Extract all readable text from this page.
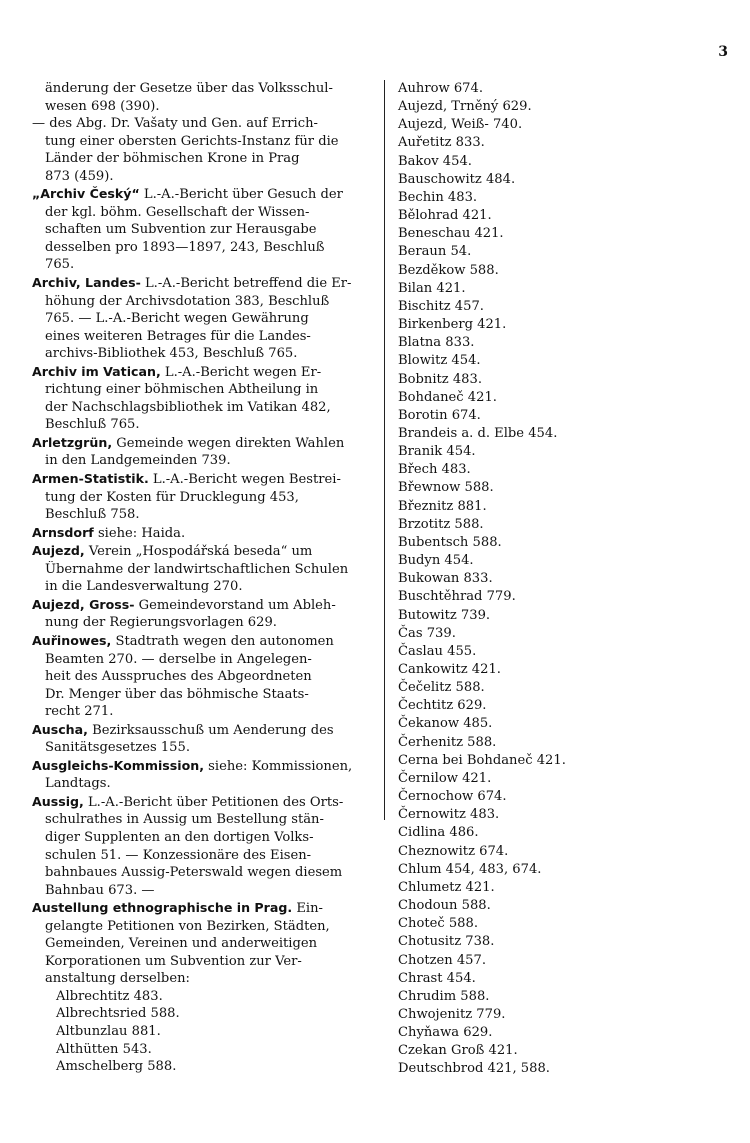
3
änderung der Gesetze über das Volksschul-
wesen 698 (390).
— des Abg. Dr. Vašaty und Gen. auf Errich-
tung einer obersten Gerichts-Instanz für die
Länder der böhmischen Krone in Prag
873 (459).
„Archiv Český“ L.-A.-Bericht über Gesuch der
der kgl. böhm. Gesellschaft der Wissen-
schaften um Subvention zur Herausgabe
desselben pro 1893—1897, 243, Beschluß
765.
Archiv, Landes- L.-A.-Bericht betreffend die Er-
höhung der Archivsdotation 383, Beschluß
765. — L.-A.-Bericht wegen Gewährung
eines weiteren Betrages für die Landes-
archivs-Bibliothek 453, Beschluß 765.
Archiv im Vatican, L.-A.-Bericht wegen Er-
richtung einer böhmischen Abtheilung in
der Nachschlagsbibliothek im Vatikan 482,
Beschluß 765.
Arletzgrün, Gemeinde wegen direkten Wahlen
in den Landgemeinden 739.
Armen-Statistik. L.-A.-Bericht wegen Bestrei-
tung der Kosten für Drucklegung 453,
Beschluß 758.
Arnsdorf siehe: Haida.
Aujezd, Verein „Hospodářská beseda“ um
Übernahme der landwirtschaftlichen Schulen
in die Landesverwaltung 270.
Aujezd, Gross- Gemeindevorstand um Ableh-
nung der Regierungsvorlagen 629.
Auřinowes, Stadtrath wegen den autonomen
Beamten 270. — derselbe in Angelegen-
heit des Ausspruches des Abgeordneten
Dr. Menger über das böhmische Staats-
recht 271.
Auscha, Bezirksausschuß um Aenderung des
Sanitätsgesetzes 155.
Ausgleichs-Kommission, siehe: Kommissionen,
Landtags.
Aussig, L.-A.-Bericht über Petitionen des Orts-
schulrathes in Aussig um Bestellung stän-
diger Supplenten an den dortigen Volks-
schulen 51. — Konzessionäre des Eisen-
bahnbaues Aussig-Peterswald wegen diesem
Bahnbau 673. —
Austellung ethnographische in Prag. Ein-
gelangte Petitionen von Bezirken, Städten,
Gemeinden, Vereinen und anderweitigen
Korporationen um Subvention zur Ver-
anstaltung derselben:
Albrechtitz 483.
Albrechtsried 588.
Altbunzlau 881.
Althütten 543.
Amschelberg 588.
Auhrow 674.
Aujezd, Trněný 629.
Aujezd, Weiß- 740.
Auřetitz 833.
Bakov 454.
Bauschowitz 484.
Bechin 483.
Bělohrad 421.
Beneschau 421.
Beraun 54.
Bezděkow 588.
Bilan 421.
Bischitz 457.
Birkenberg 421.
Blatna 833.
Blowitz 454.
Bobnitz 483.
Bohdaneč 421.
Borotin 674.
Brandeis a. d. Elbe 454.
Branik 454.
Břech 483.
Břewnow 588.
Březnitz 881.
Brzotitz 588.
Bubentsch 588.
Budyn 454.
Bukowan 833.
Buschtěhrad 779.
Butowitz 739.
Čas 739.
Časlau 455.
Cankowitz 421.
Čečelitz 588.
Čechtitz 629.
Čekanow 485.
Čerhenitz 588.
Cerna bei Bohdaneč 421.
Černilow 421.
Černochow 674.
Černowitz 483.
Cidlina 486.
Cheznowitz 674.
Chlum 454, 483, 674.
Chlumetz 421.
Chodoun 588.
Choteč 588.
Chotusitz 738.
Chotzen 457.
Chrast 454.
Chrudim 588.
Chwojenitz 779.
Chyňawa 629.
Czekan Groß 421.
Deutschbrod 421, 588.
